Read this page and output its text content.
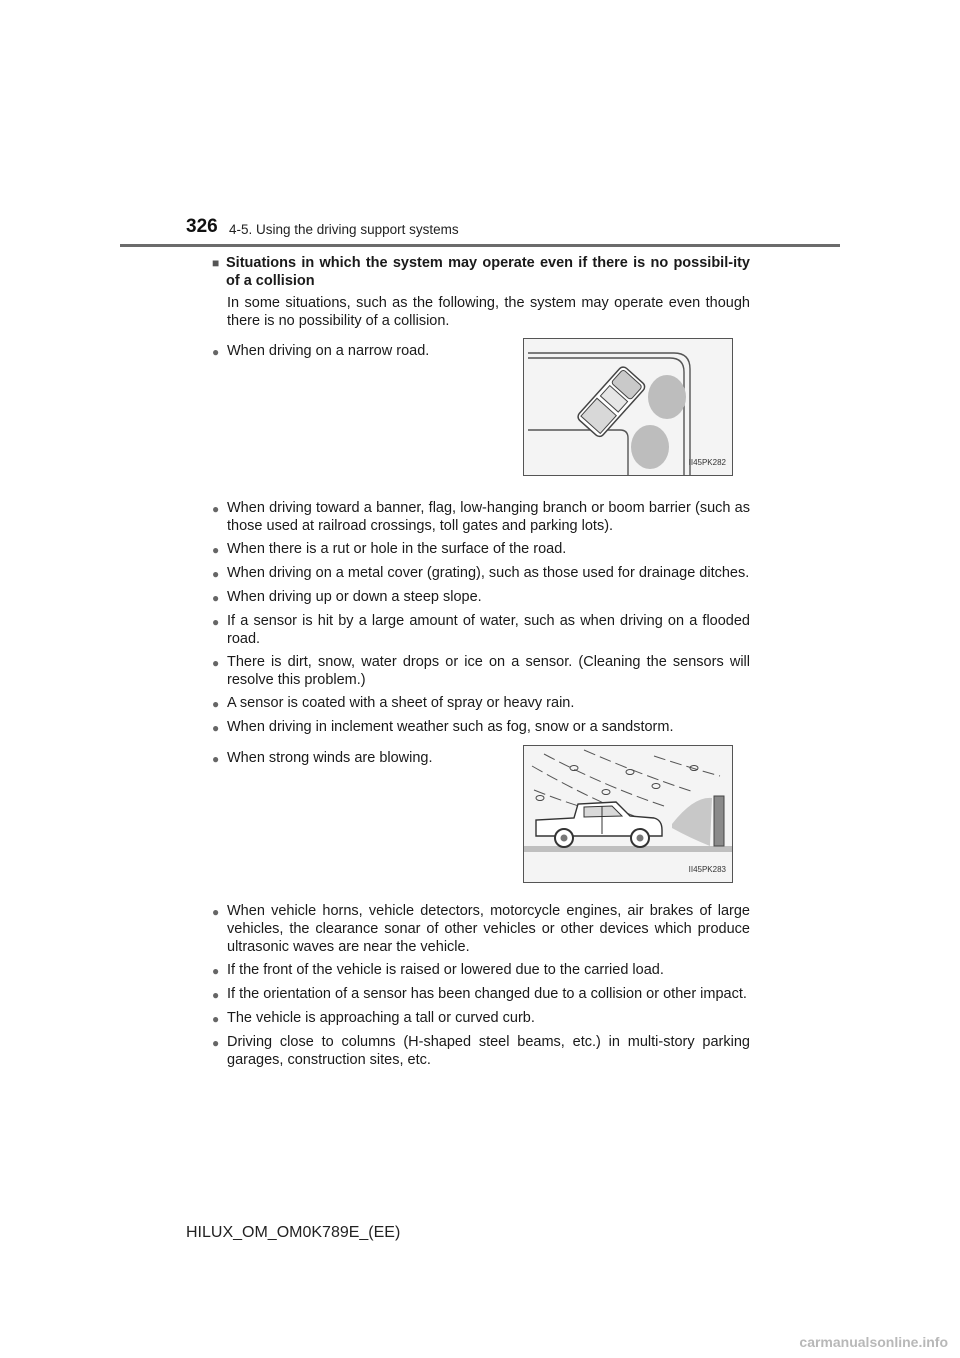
326 4-5. Using the driving support systems
■ Situations in which the system may operate even if there is no possibil-ity of a collision
In some situations, such as the following, the system may operate even though there is no possibility of a collision.
● When driving on a narrow road.
II45PK282
● When driving toward a banner, flag, low-hanging branch or boom barrier (such as those used at railroad crossings, toll gates and parking lots).
● When there is a rut or hole in the surface of the road.
● When driving on a metal cover (grating), such as those used for drainage ditches.
● When driving up or down a steep slope.
● If a sensor is hit by a large amount of water, such as when driving on a flooded road.
● There is dirt, snow, water drops or ice on a sensor. (Cleaning the sensors will resolve this problem.)
● A sensor is coated with a sheet of spray or heavy rain.
● When driving in inclement weather such as fog, snow or a sandstorm.
● When strong winds are blowing.
II45PK283
● When vehicle horns, vehicle detectors, motorcycle engines, air brakes of large vehicles, the clearance sonar of other vehicles or other devices which produce ultrasonic waves are near the vehicle.
● If the front of the vehicle is raised or lowered due to the carried load.
● If the orientation of a sensor has been changed due to a collision or other impact.
● The vehicle is approaching a tall or curved curb.
● Driving close to columns (H-shaped steel beams, etc.) in multi-story parking garages, construction sites, etc.
HILUX_OM_OM0K789E_(EE)
carmanualsonline.info
